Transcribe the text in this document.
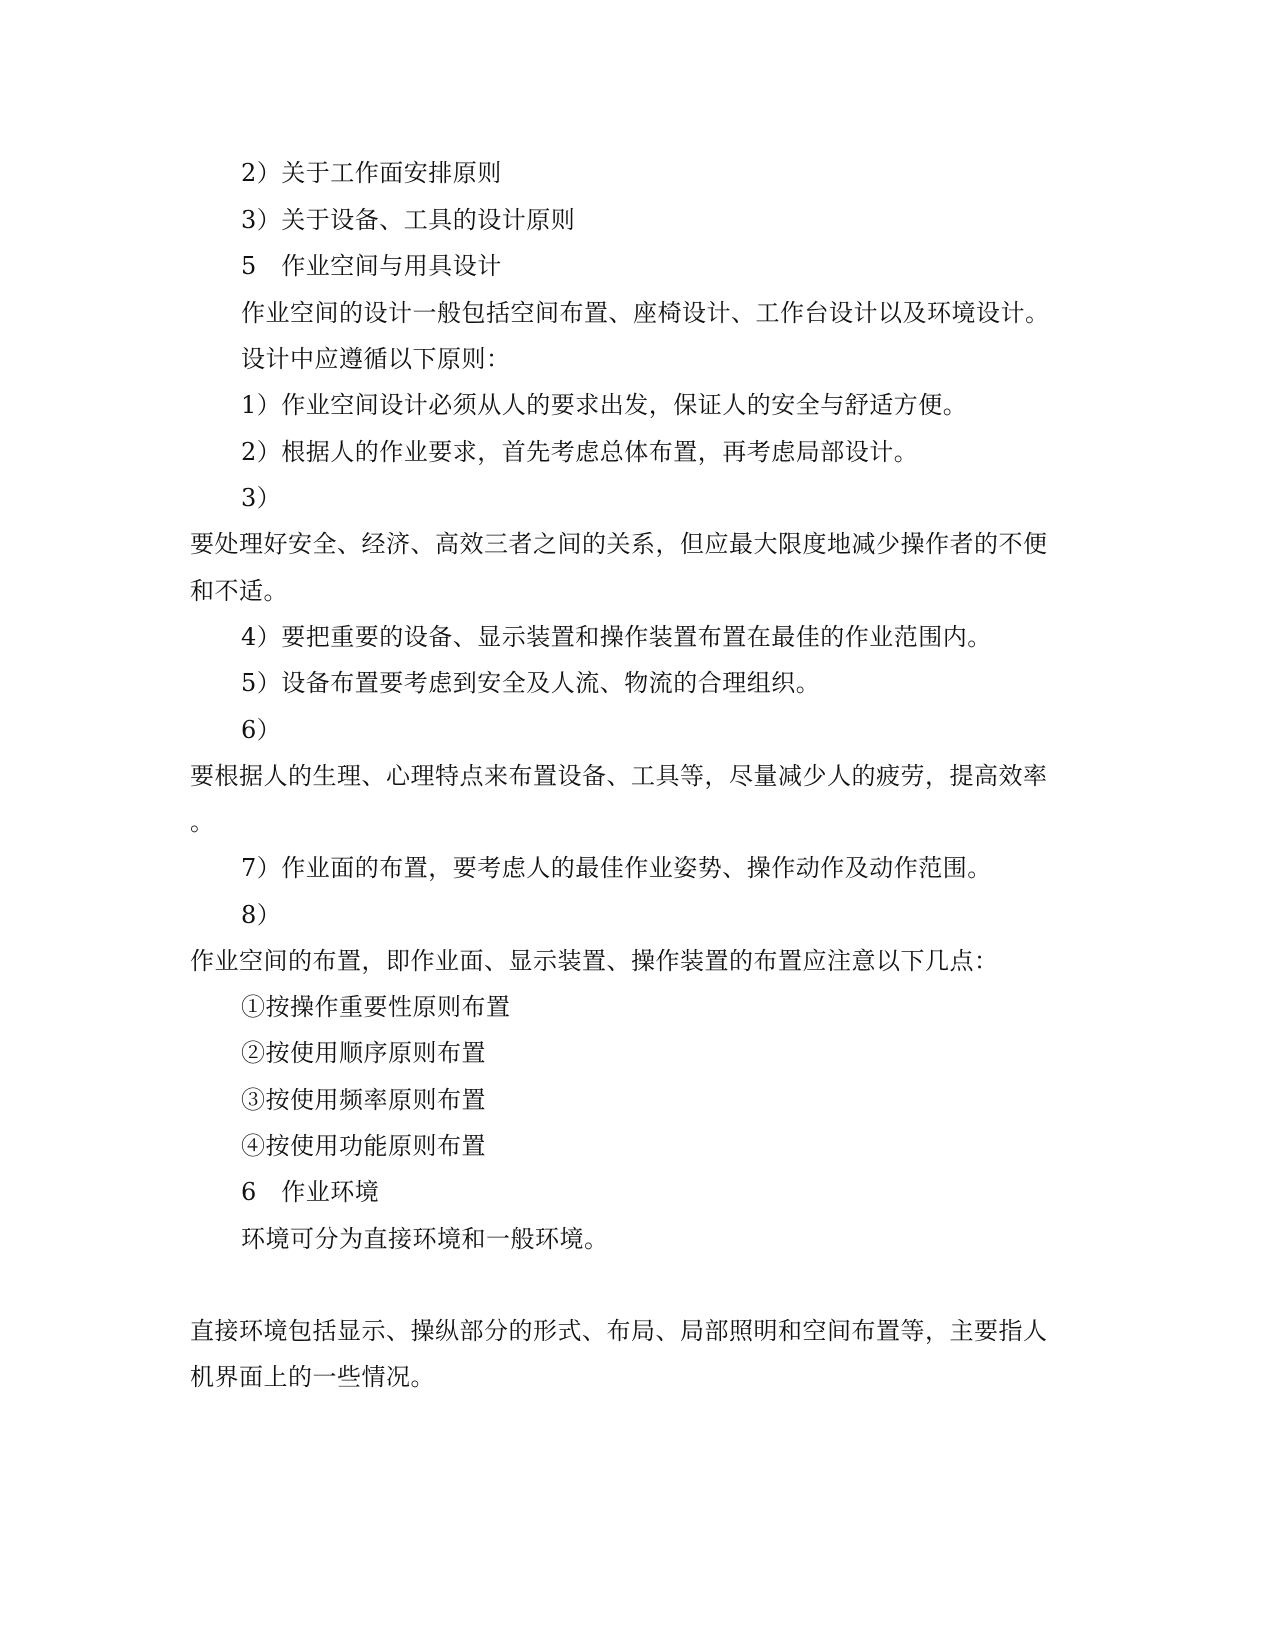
2）关于工作面安排原则
3）关于设备、工具的设计原则
5　作业空间与用具设计
作业空间的设计一般包括空间布置、座椅设计、工作台设计以及环境设计。
设计中应遵循以下原则：
1）作业空间设计必须从人的要求出发，保证人的安全与舒适方便。
2）根据人的作业要求，首先考虑总体布置，再考虑局部设计。
3）
要处理好安全、经济、高效三者之间的关系，但应最大限度地减少操作者的不便
和不适。
4）要把重要的设备、显示装置和操作装置布置在最佳的作业范围内。
5）设备布置要考虑到安全及人流、物流的合理组织。
6）
要根据人的生理、心理特点来布置设备、工具等，尽量减少人的疲劳，提高效率
。
7）作业面的布置，要考虑人的最佳作业姿势、操作动作及动作范围。
8）
作业空间的布置，即作业面、显示装置、操作装置的布置应注意以下几点：
①按操作重要性原则布置
②按使用顺序原则布置
③按使用频率原则布置
④按使用功能原则布置
6　作业环境
环境可分为直接环境和一般环境。
直接环境包括显示、操纵部分的形式、布局、局部照明和空间布置等，主要指人
机界面上的一些情况。
